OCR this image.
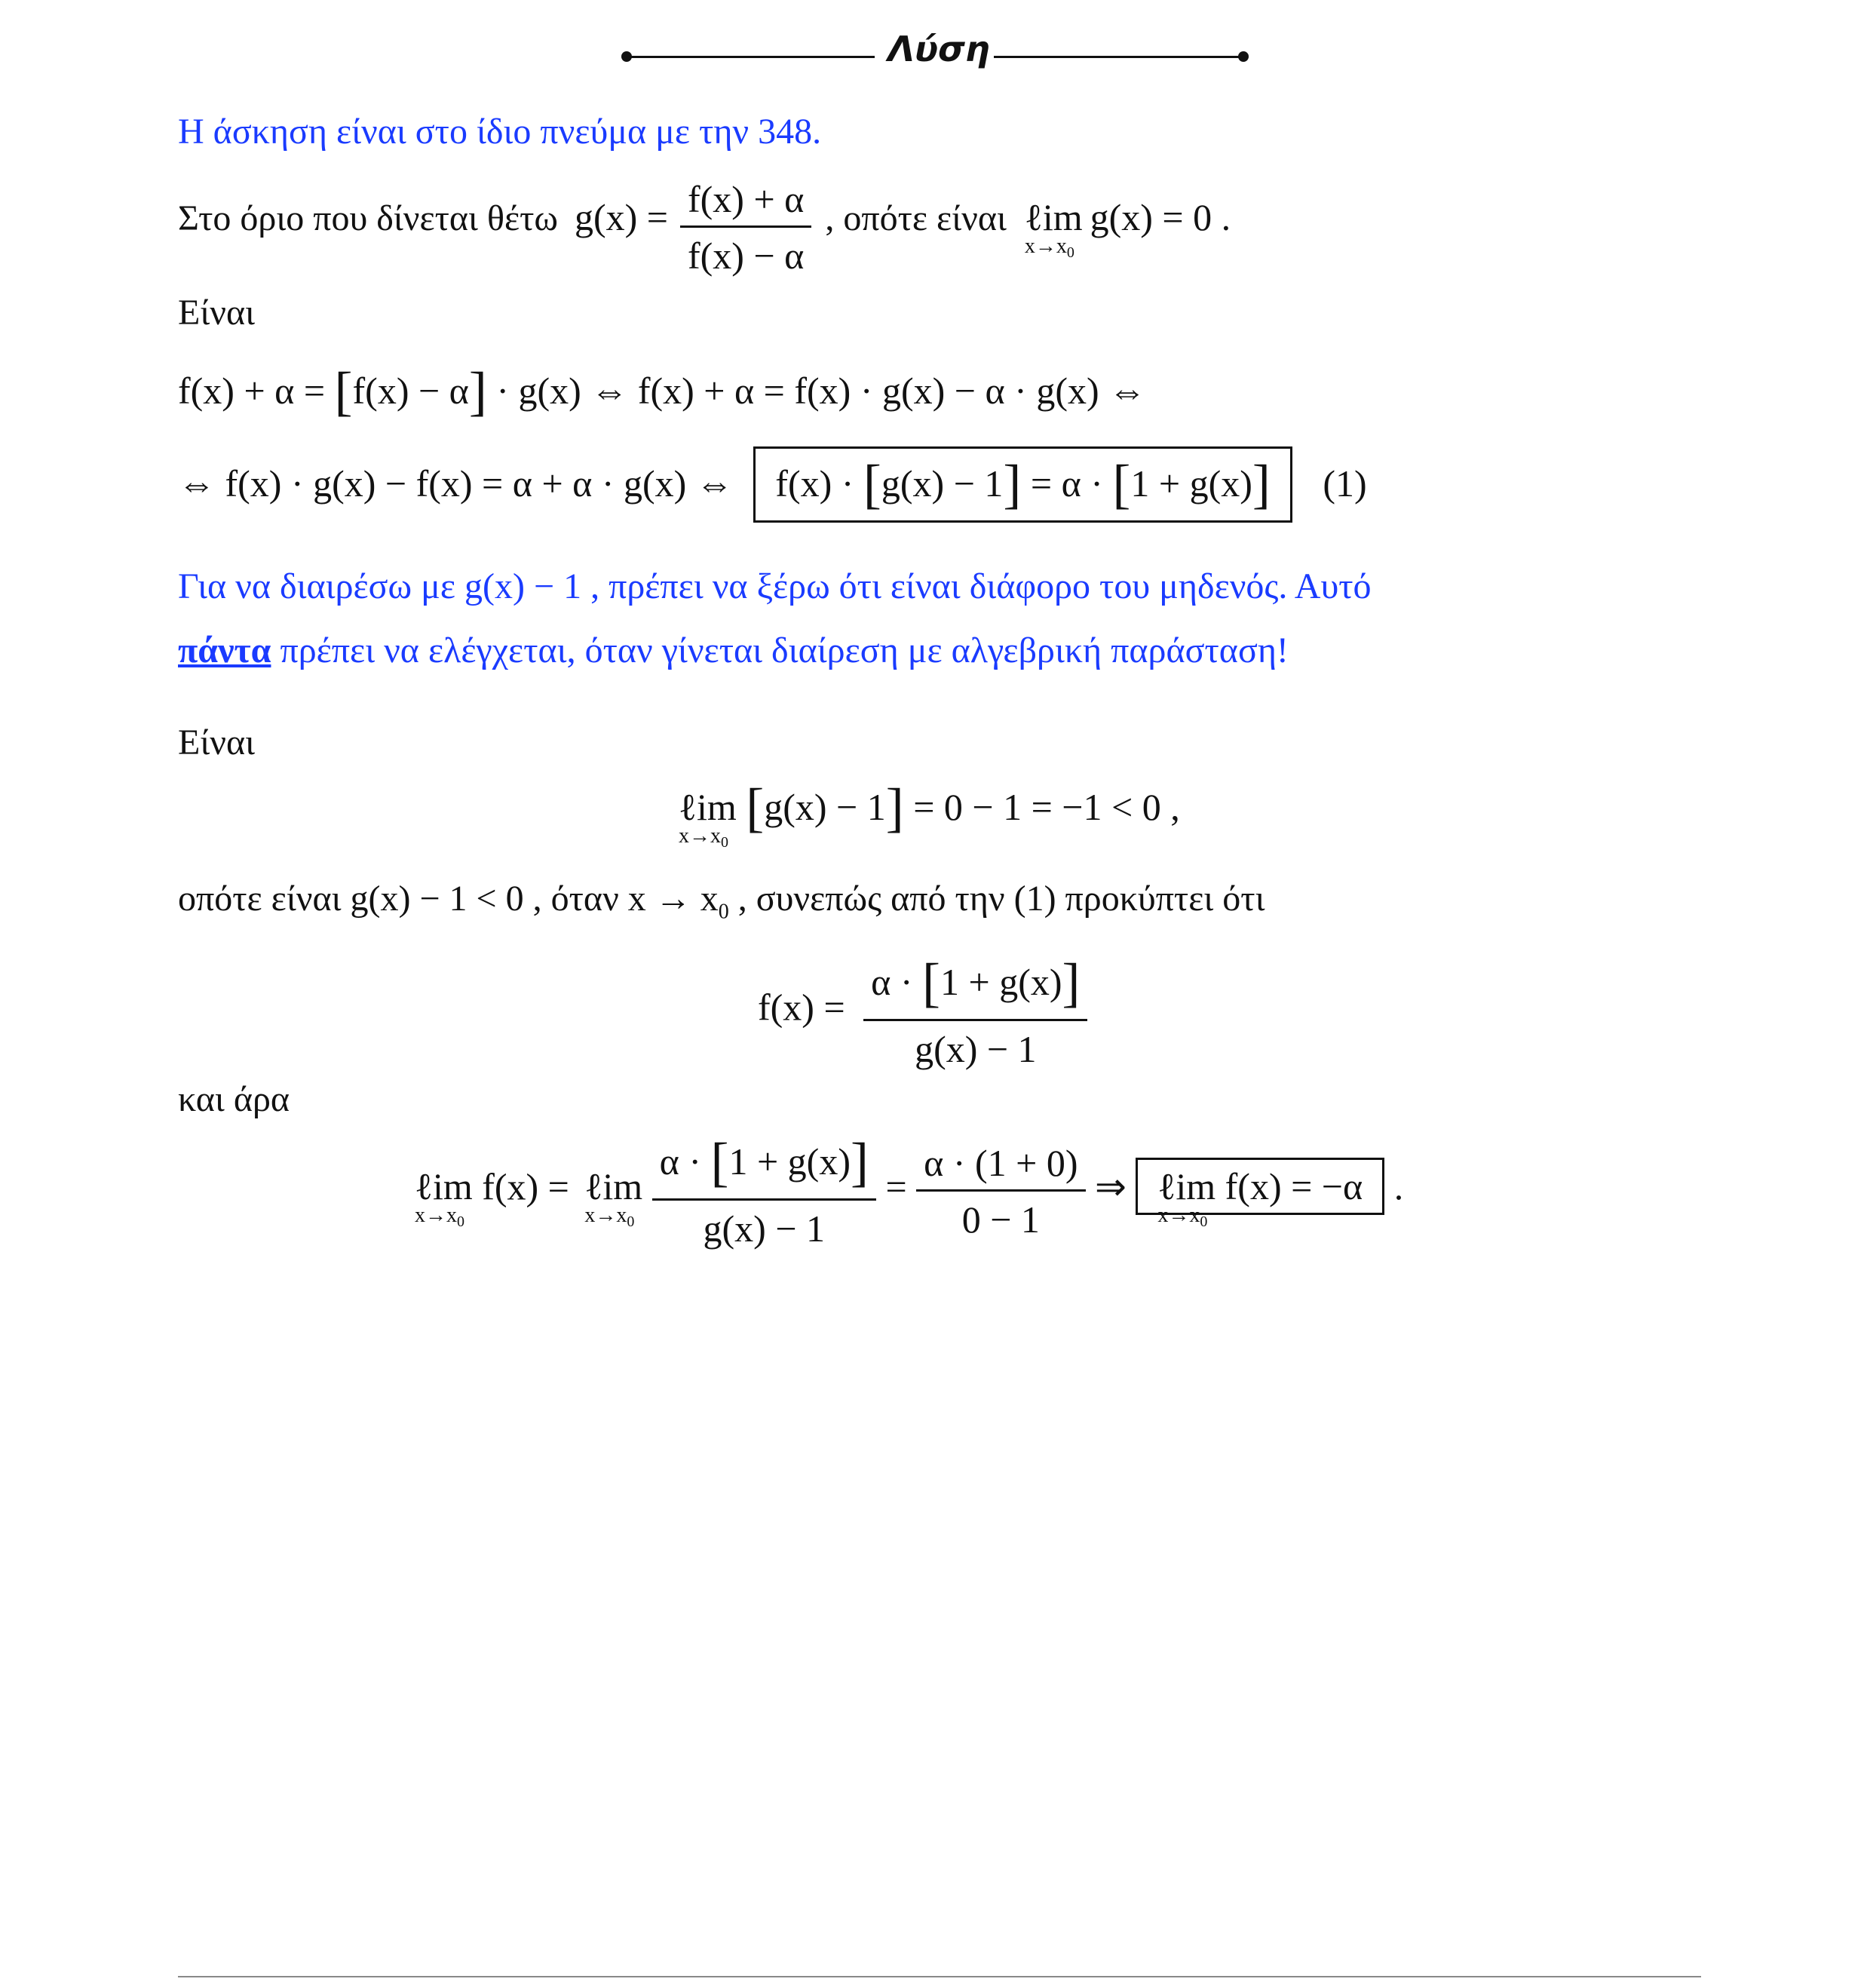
Λύση
Η άσκηση είναι στο ίδιο πνεύμα με την 348.
Στο όριο που δίνεται θέτω $g(x) = \frac{f(x) + \alpha}{f(x) - \alpha}$ , οπότε είναι ℓim
$x\to x_0$
g(x) = 0 .
Είναι
f(x) + α = [f(x) − α] · g(x) ⇔ f(x) + α = f(x) · g(x) − α · g(x) ⇔
⇔ f(x) · g(x) − f(x) = α + α · g(x) ⇔ f(x) · [g(x) − 1] = α · [1 + g(x)] (1)
Για να διαιρέσω με g(x) − 1 , πρέπει να ξέρω ότι είναι διάφορο του μηδενός. Αυτό
πάντα πρέπει να ελέγχεται, όταν γίνεται διαίρεση με αλγεβρική παράσταση!
Είναι
ℓim
$x\to x_0$
[g(x) − 1] = 0 − 1 = −1 < 0 ,
οπότε είναι g(x) − 1 < 0 , όταν $x \to x_0$ , συνεπώς από την (1) προκύπτει ότι
$f(x) = \frac{\alpha \cdot [1 + g(x)]}{g(x) - 1}$
και άρα
ℓim
$x\to x_0$
f(x) = ℓim
$x\to x_0$
$\frac{\alpha \cdot [1 + g(x)]}{g(x) - 1} = \frac{\alpha \cdot (1 + 0)}{0 - 1}$ ⇒ ℓim
$x\to x_0$
f(x) = −α .
